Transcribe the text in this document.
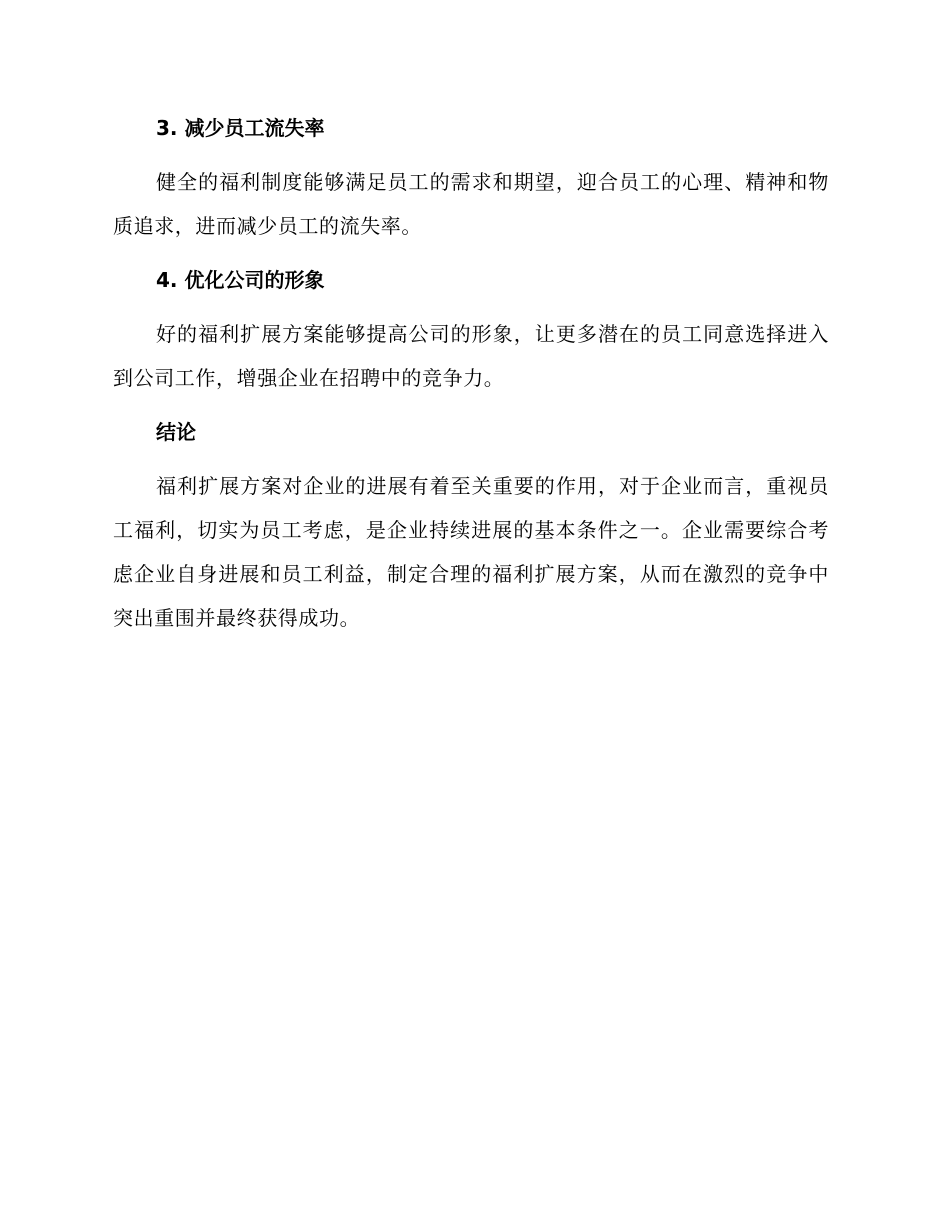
3. 减少员工流失率

健全的福利制度能够满足员工的需求和期望，迎合员工的心理、精神和物质追求，进而减少员工的流失率。

4. 优化公司的形象

好的福利扩展方案能够提高公司的形象，让更多潜在的员工同意选择进入到公司工作，增强企业在招聘中的竞争力。

结论

福利扩展方案对企业的进展有着至关重要的作用，对于企业而言，重视员工福利，切实为员工考虑，是企业持续进展的基本条件之一。企业需要综合考虑企业自身进展和员工利益，制定合理的福利扩展方案，从而在激烈的竞争中突出重围并最终获得成功。
